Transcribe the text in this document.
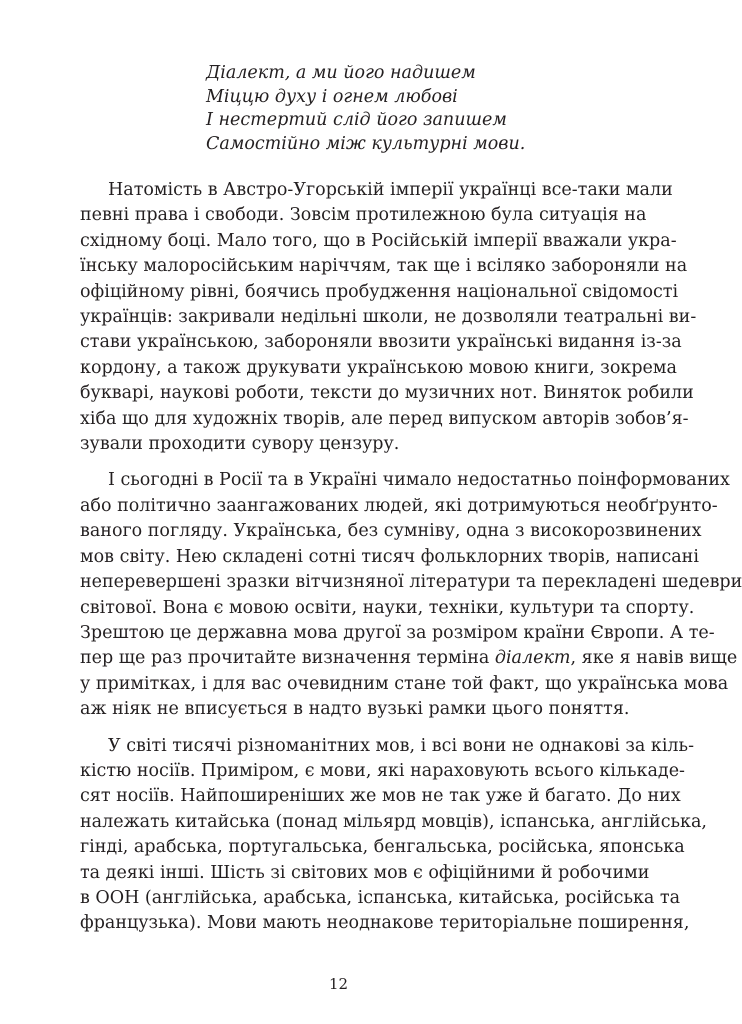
Діалект, а ми його надишем
Міццю духу і огнем любові
І нестертий слід його запишем
Самостійно між культурні мови.

Натомість в Австро-Угорській імперії українці все-таки мали
певні права і свободи. Зовсім протилежною була ситуація на
східному боці. Мало того, що в Російській імперії вважали укра-
їнську малоросійським наріччям, так ще і всіляко забороняли на
офіційному рівні, боячись пробудження національної свідомості
українців: закривали недільні школи, не дозволяли театральні ви-
стави українською, забороняли ввозити українські видання із-за
кордону, а також друкувати українською мовою книги, зокрема
букварі, наукові роботи, тексти до музичних нот. Виняток робили
хіба що для художніх творів, але перед випуском авторів зобов’я-
зували проходити сувору цензуру.

І сьогодні в Росії та в Україні чимало недостатньо поінформованих
або політично заангажованих людей, які дотримуються необґрунто-
ваного погляду. Українська, без сумніву, одна з високорозвинених
мов світу. Нею складені сотні тисяч фольклорних творів, написані
неперевершені зразки вітчизняної літератури та перекладені шедеври
світової. Вона є мовою освіти, науки, техніки, культури та спорту.
Зрештою це державна мова другої за розміром країни Європи. А те-
пер ще раз прочитайте визначення терміна діалект, яке я навів вище
у примітках, і для вас очевидним стане той факт, що українська мова
аж ніяк не вписується в надто вузькі рамки цього поняття.

У світі тисячі різноманітних мов, і всі вони не однакові за кіль-
кістю носіїв. Приміром, є мови, які нараховують всього кількаде-
сят носіїв. Найпоширеніших же мов не так уже й багато. До них
належать китайська (понад мільярд мовців), іспанська, англійська,
гінді, арабська, португальська, бенгальська, російська, японська
та деякі інші. Шість зі світових мов є офіційними й робочими
в ООН (англійська, арабська, іспанська, китайська, російська та
французька). Мови мають неоднакове територіальне поширення,

12
